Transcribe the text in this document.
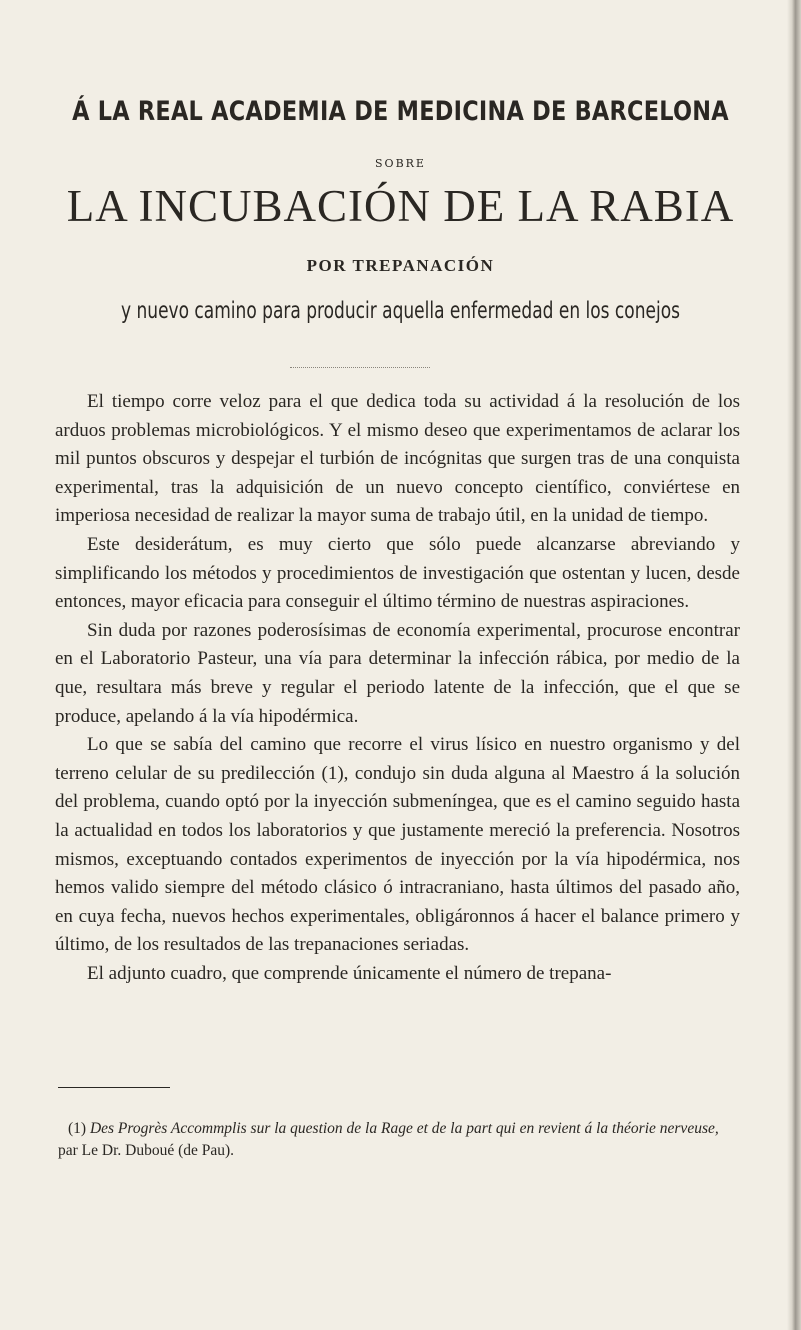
Á LA REAL ACADEMIA DE MEDICINA DE BARCELONA
SOBRE
LA INCUBACIÓN DE LA RABIA
POR TREPANACIÓN
y nuevo camino para producir aquella enfermedad en los conejos

El tiempo corre veloz para el que dedica toda su actividad á la resolución de los arduos problemas microbiológicos. Y el mismo deseo que experimentamos de aclarar los mil puntos obscuros y despejar el turbión de incógnitas que surgen tras de una conquista experimental, tras la adquisición de un nuevo concepto científico, conviértese en imperiosa necesidad de realizar la mayor suma de trabajo útil, en la unidad de tiempo.

Este desiderátum, es muy cierto que sólo puede alcanzarse abreviando y simplificando los métodos y procedimientos de investigación que ostentan y lucen, desde entonces, mayor eficacia para conseguir el último término de nuestras aspiraciones.

Sin duda por razones poderosísimas de economía experimental, procurose encontrar en el Laboratorio Pasteur, una vía para determinar la infección rábica, por medio de la que, resultara más breve y regular el periodo latente de la infección, que el que se produce, apelando á la vía hipodérmica.

Lo que se sabía del camino que recorre el virus lísico en nuestro organismo y del terreno celular de su predilección (1), condujo sin duda alguna al Maestro á la solución del problema, cuando optó por la inyección submeníngea, que es el camino seguido hasta la actualidad en todos los laboratorios y que justamente mereció la preferencia. Nosotros mismos, exceptuando contados experimentos de inyección por la vía hipodérmica, nos hemos valido siempre del método clásico ó intracraniano, hasta últimos del pasado año, en cuya fecha, nuevos hechos experimentales, obligáronnos á hacer el balance primero y último, de los resultados de las trepanaciones seriadas.

El adjunto cuadro, que comprende únicamente el número de trepana-

(1) Des Progrès Accommplis sur la question de la Rage et de la part qui en revient á la théorie nerveuse, par Le Dr. Duboué (de Pau).
